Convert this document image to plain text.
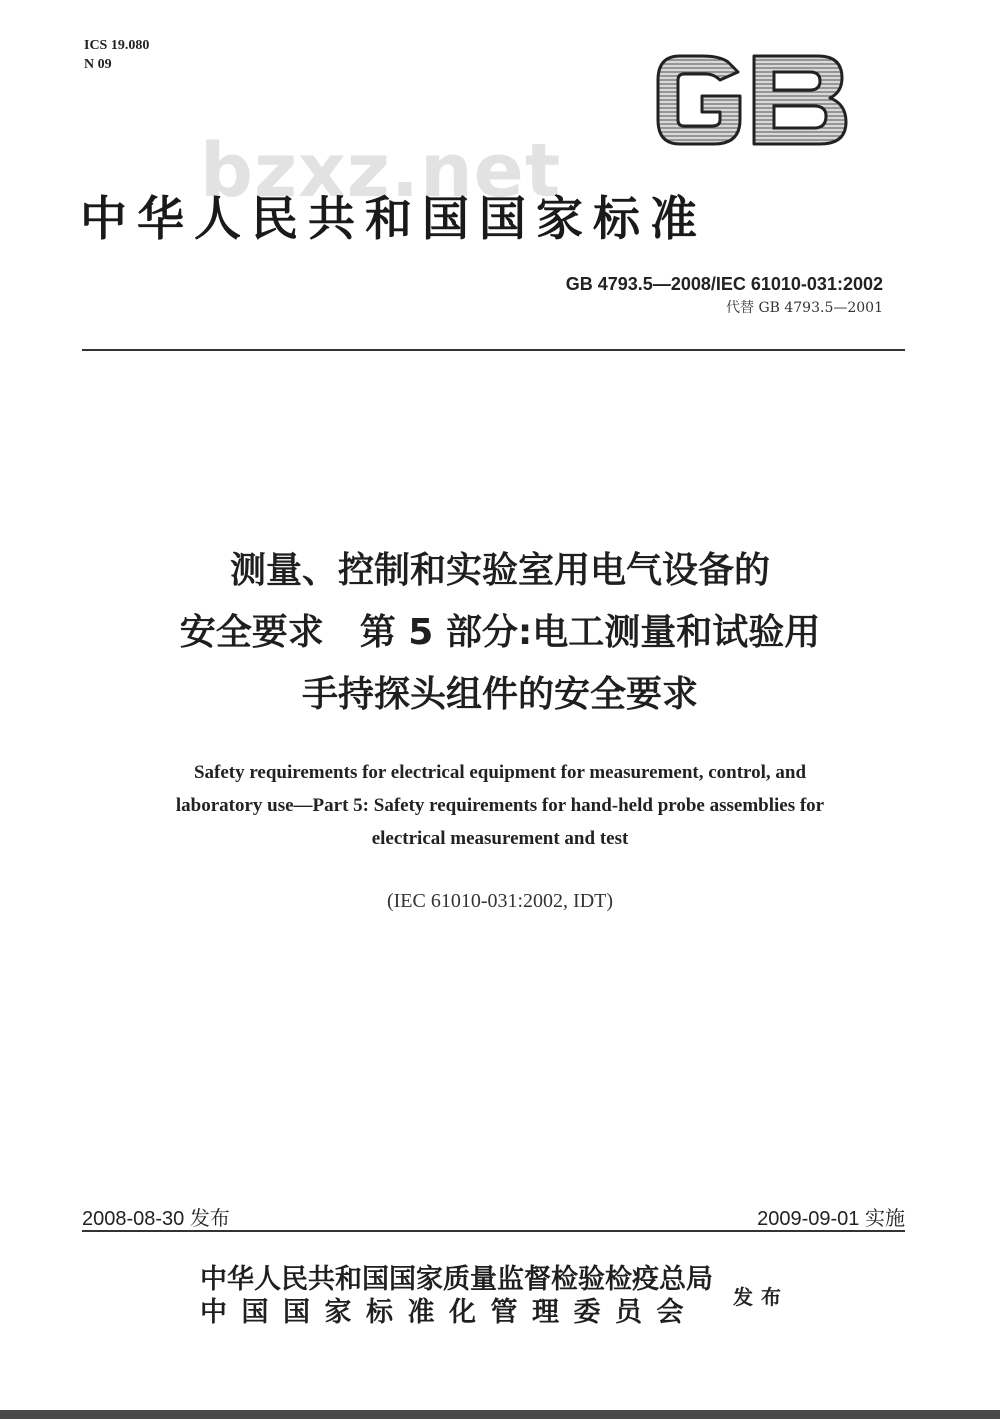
ICS 19.080
N 09
GB
bzxz.net
中华人民共和国国家标准
GB 4793.5—2008/IEC 61010-031:2002
代替 GB 4793.5—2001
测量、控制和实验室用电气设备的
安全要求　第 5 部分:电工测量和试验用
手持探头组件的安全要求
Safety requirements for electrical equipment for measurement, control, and
laboratory use—Part 5: Safety requirements for hand-held probe assemblies for
electrical measurement and test
(IEC 61010-031:2002, IDT)
2008-08-30 发布	2009-09-01 实施
中华人民共和国国家质量监督检验检疫总局
中国国家标准化管理委员会	发布
